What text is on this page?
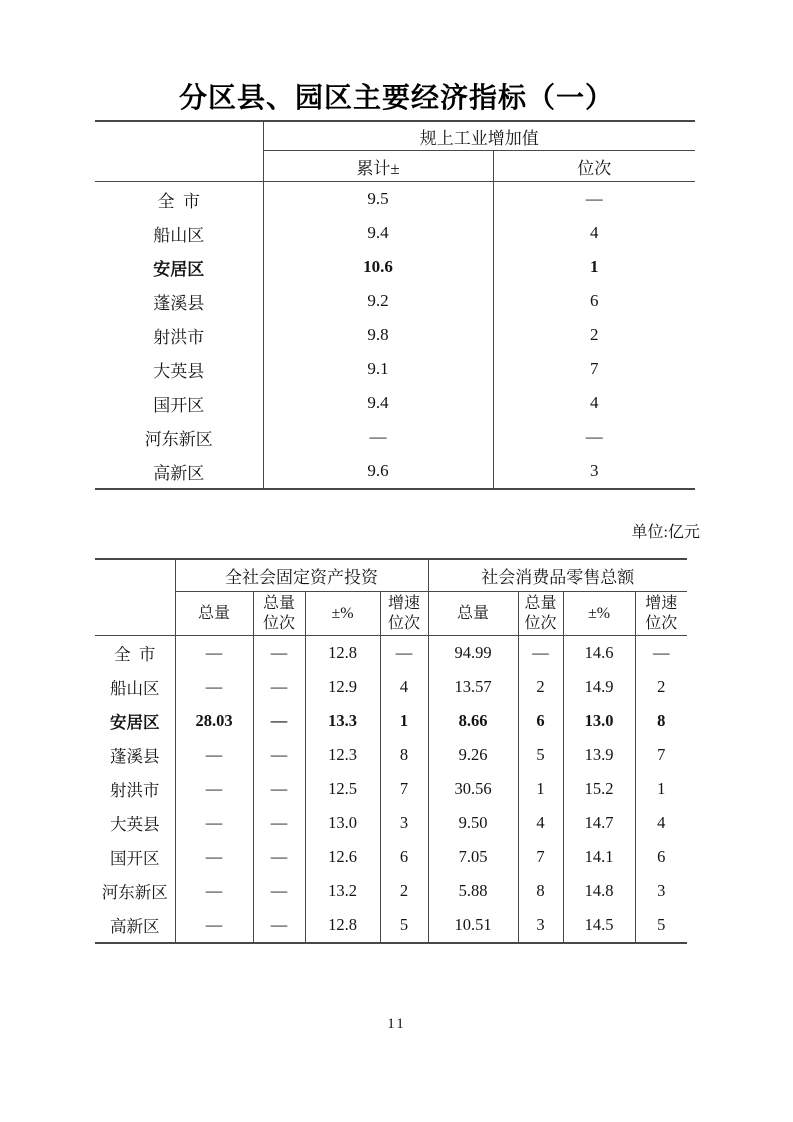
分区县、园区主要经济指标（一）
	规上工业增加值	
	累计±	位次
全  市	9.5	—
船山区	9.4	4
安居区	10.6	1
蓬溪县	9.2	6
射洪市	9.8	2
大英县	9.1	7
国开区	9.4	4
河东新区	—	—
高新区	9.6	3
单位:亿元
	全社会固定资产投资				社会消费品零售总额			
	总量	总量 位次	±%	增速 位次	总量	总量 位次	±%	增速 位次
全  市	—	—	12.8	—	94.99	—	14.6	—
船山区	—	—	12.9	4	13.57	2	14.9	2
安居区	28.03	—	13.3	1	8.66	6	13.0	8
蓬溪县	—	—	12.3	8	9.26	5	13.9	7
射洪市	—	—	12.5	7	30.56	1	15.2	1
大英县	—	—	13.0	3	9.50	4	14.7	4
国开区	—	—	12.6	6	7.05	7	14.1	6
河东新区	—	—	13.2	2	5.88	8	14.8	3
高新区	—	—	12.8	5	10.51	3	14.5	5
11
